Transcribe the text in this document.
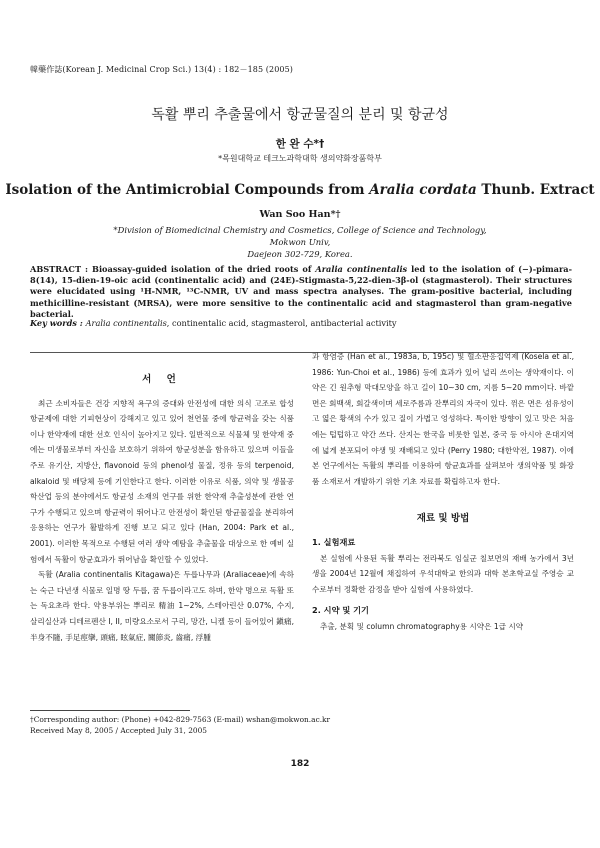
韓藥作誌(Korean J. Medicinal Crop Sci.) 13(4) : 182－185 (2005)
독활 뿌리 추출물에서 항균물질의 분리 및 항균성
한 완 수*†
*목원대학교 테크노과학대학 생의약화장품학부
Isolation of the Antimicrobial Compounds from Aralia cordata Thunb. Extract
Wan Soo Han*†
*Division of Biomedicinal Chemistry and Cosmetics, College of Science and Technology, Mokwon Univ,
Daejeon 302-729, Korea.
ABSTRACT : Bioassay-guided isolation of the dried roots of Aralia continentalis led to the isolation of (−)-pimara-8(14), 15-dien-19-oic acid (continentalic acid) and (24E)-Stigmasta-5,22-dien-3β-ol (stagmasterol). Their structures were elucidated using ¹H-NMR, ¹³C-NMR, UV and mass spectra analyses. The gram-positive bacterial, including methicilline-resistant (MRSA), were more sensitive to the continentalic acid and stagmasterol than gram-negative bacterial.
Key words : Aralia continentalis, continentalic acid, stagmasterol, antibacterial activity
서 언

최근 소비자들은 건강 지향적 욕구의 증대와 안전성에 대한 의식 고조로 합성 항균제에 대한 기피현상이 강해지고 있고 있어 천연물 중에 항균력을 갖는 식품이나 한약재에 대한 선호 인식이 높아지고 있다. 일반적으로 식물체 및 한약재 중에는 미생물로부터 자신을 보호하기 위하여 항균성분을 함유하고 있으며 이들을 주로 유기산, 지방산, flavonoid 등의 phenol성 물질, 정유 등의 terpenoid, alkaloid 및 배당체 등에 기인한다고 한다. 이러한 이유로 식품, 의약 및 생물공학산업 등의 분야에서도 항균성 소재의 연구를 위한 한약재 추출성분에 관한 연구가 수행되고 있으며 항균력이 뛰어나고 안전성이 확인된 항균물질을 분리하여 응용하는 연구가 활발하게 진행 보고 되고 있다 (Han, 2004: Park et al., 2001). 이러한 목적으로 수행된 여러 생약 예탐을 추출물을 대상으로 한 예비 실험에서 독활이 항균효과가 뛰어남을 확인할 수 있었다.

독활 (Aralia continentalis Kitagawa)은 두릅나무과 (Araliaceae)에 속하는 숙근 다년생 식물로 일명 땅 두릅, 꿈 두릅이라고도 하며, 한약 명으로 독활 또는 독요초라 한다. 약용부위는 뿌리로 精油 1~2%, 스테아린산 0.07%, 수지, 살리실산과 디테르펜산 I, II, 미량요소로서 구리, 망간, 니켈 등이 들어있어 鎭痛, 半身不隨, 手足痙攣, 頭痛, 眩氣症, 關節炎, 齒痛, 浮腫

과 항염증 (Han et al., 1983a, b, 195c) 및 혈소판응집억제 (Kosela et al., 1986: Yun-Choi et al., 1986) 등에 효과가 있어 널리 쓰이는 생약재이다. 이 약은 긴 원추형 막대모양을 하고 길이 10~30 cm, 지름 5~20 mm이다. 바깥 면은 회백색, 회갈색이며 세로주름과 잔뿌리의 자국이 있다. 꺾은 면은 섬유성이고 엷은 황색의 수가 있고 질이 가볍고 엉성하다. 특이한 방향이 있고 맛은 처음에는 텁텁하고 약간 쓰다. 산지는 한국을 비롯한 일본, 중국 등 아시아 온대지역에 넓게 분포되어 야생 및 재배되고 있다 (Perry 1980; 대한약전, 1987). 이에 본 연구에서는 독활의 뿌리를 이용하여 항균효과를 살펴보아 생의약품 및 화장품 소재로서 개발하기 위한 기초 자료를 확립하고자 한다.

재료 및 방법
1. 실험재료

본 실험에 사용된 독활 뿌리는 전라북도 임실군 칠보면의 재배 농가에서 3년생을 2004년 12월에 채집하여 우석대학교 한의과 대학 본초학교실 주영승 교수로부터 정확한 감정을 받아 실험에 사용하였다.

2. 시약 및 기기

추출, 분획 및 column chromatography용 시약은 1급 시약

†Corresponding author: (Phone) +042-829-7563 (E-mail) wshan@mokwon.ac.kr
Received May 8, 2005 / Accepted July 31, 2005
182
